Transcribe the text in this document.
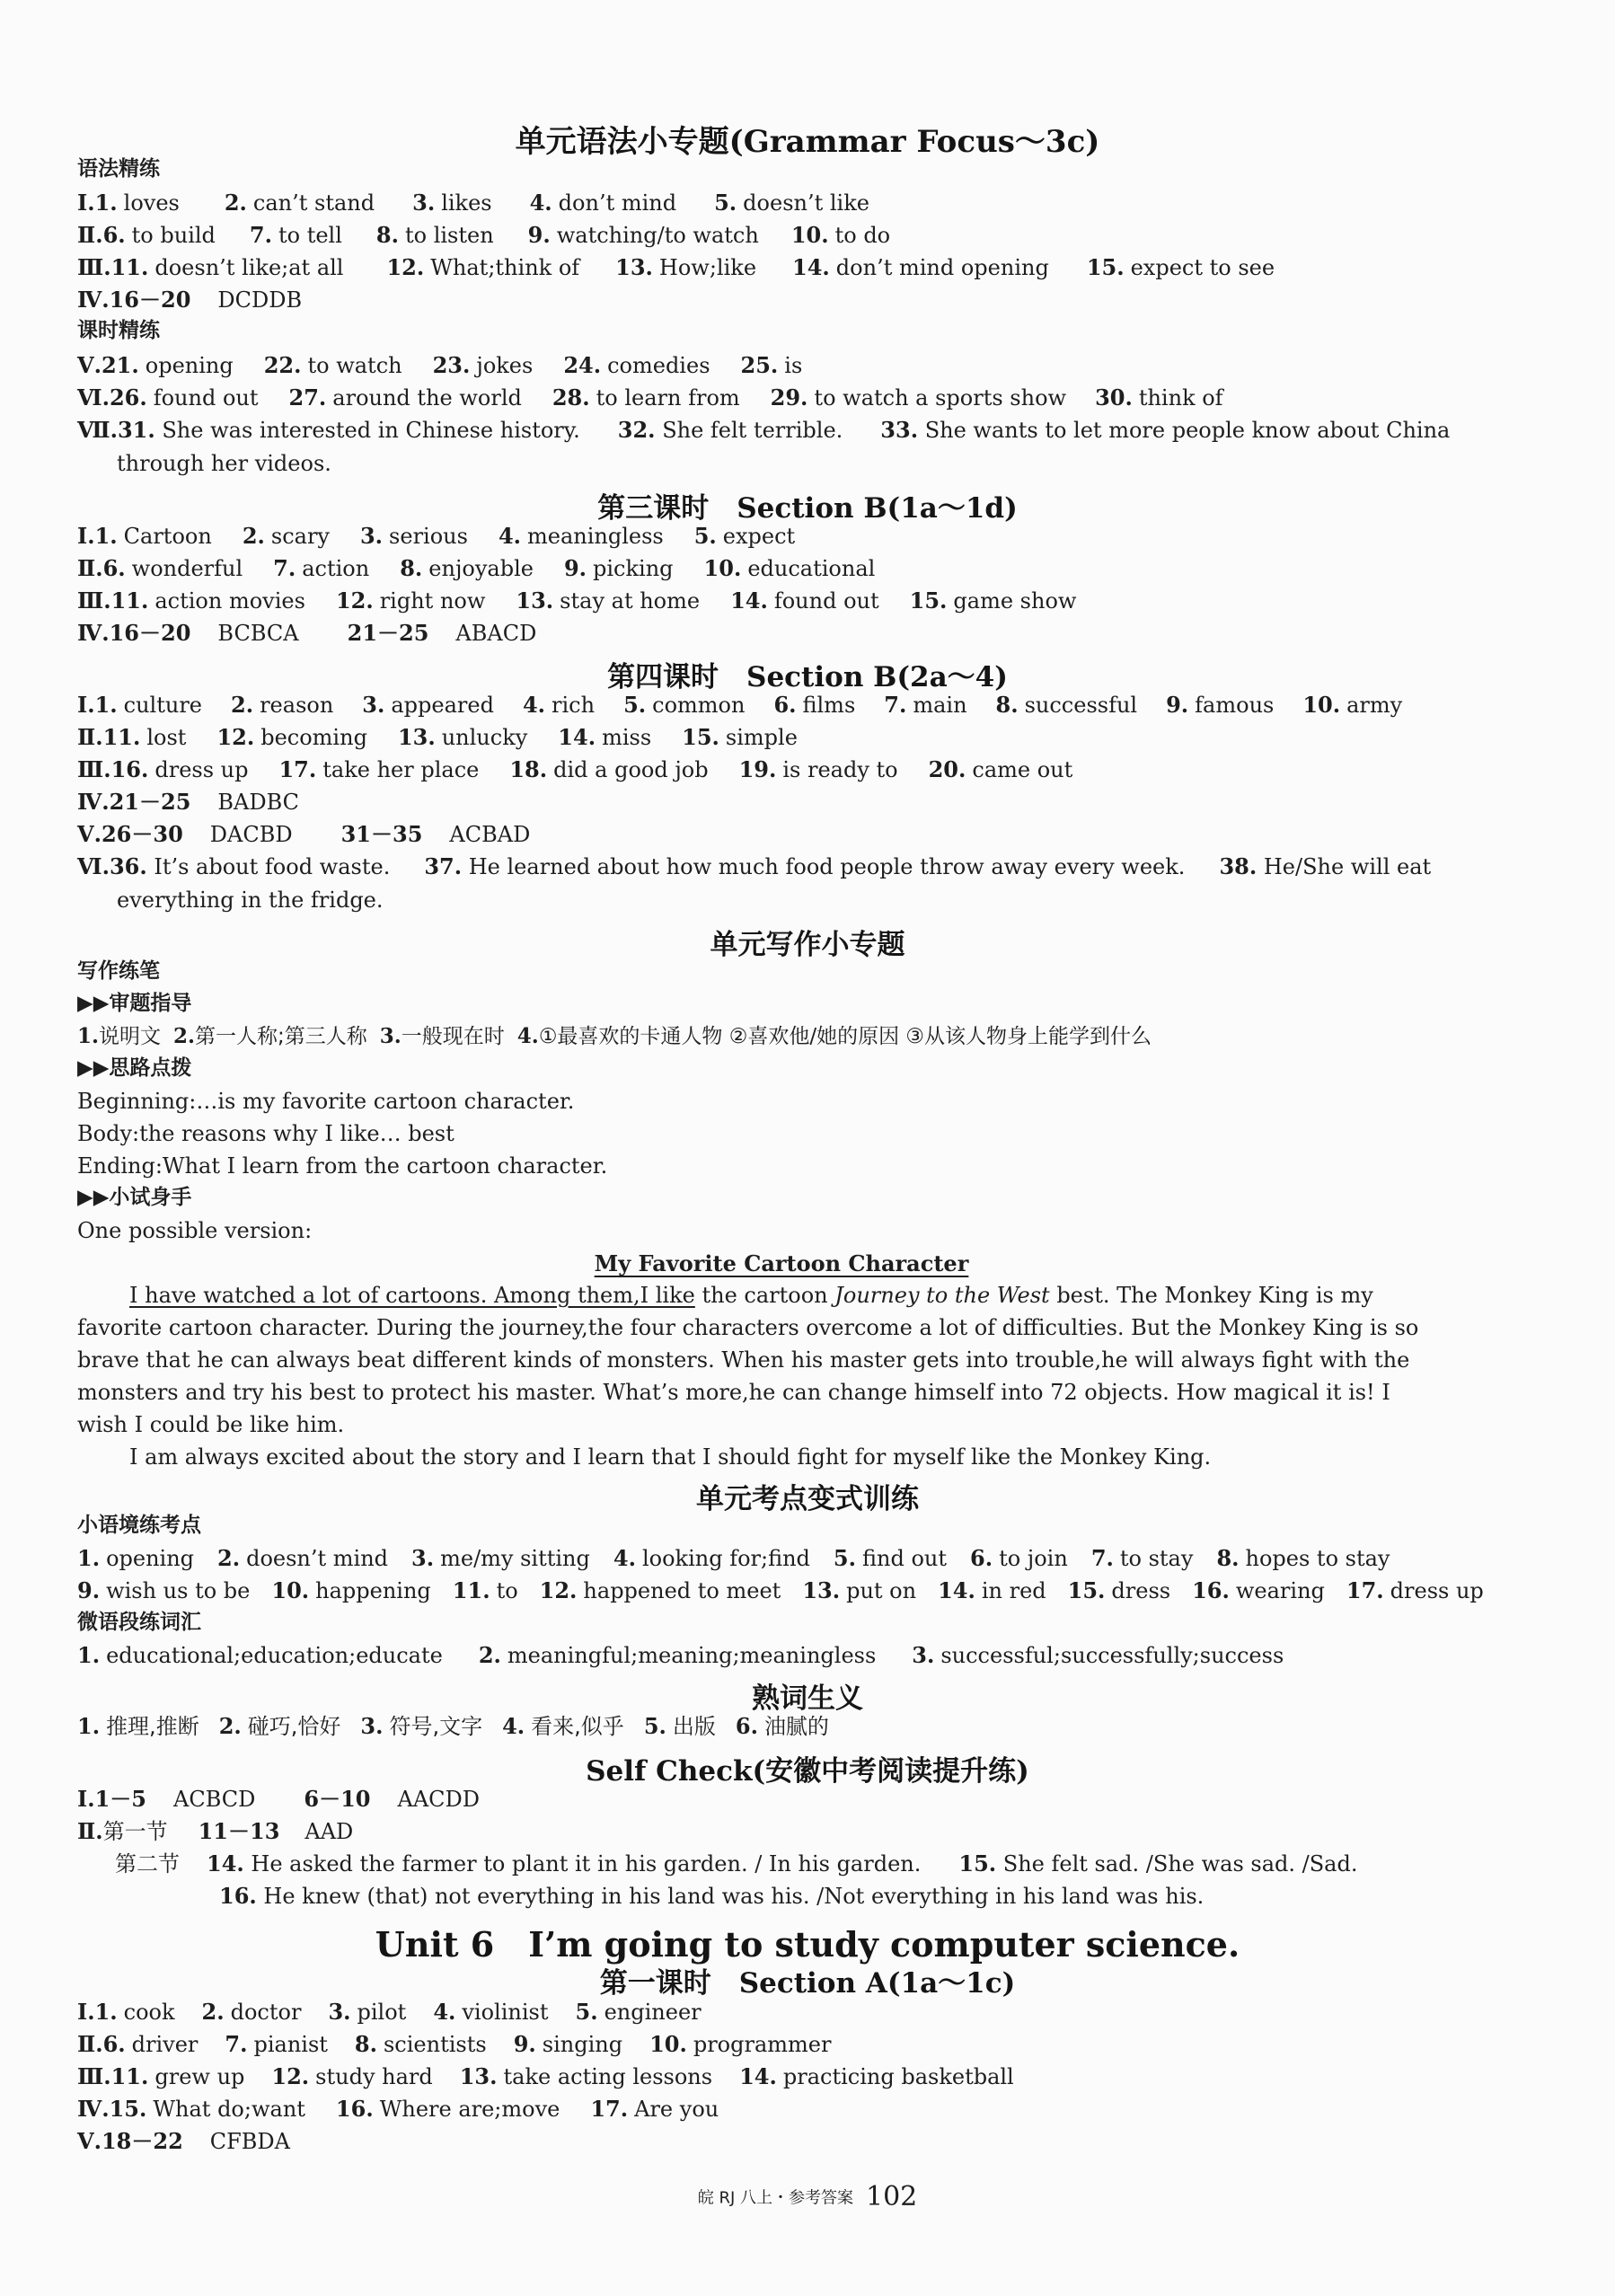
单元语法小专题(Grammar Focus～3c)
语法精练
Ⅰ.1. loves 2. can’t stand 3. likes 4. don’t mind 5. doesn’t like
Ⅱ.6. to build 7. to tell 8. to listen 9. watching/to watch 10. to do
Ⅲ.11. doesn’t like;at all 12. What;think of 13. How;like 14. don’t mind opening 15. expect to see
Ⅳ.16－20 DCDDB
课时精练
Ⅴ.21. opening 22. to watch 23. jokes 24. comedies 25. is
Ⅵ.26. found out 27. around the world 28. to learn from 29. to watch a sports show 30. think of
Ⅶ.31. She was interested in Chinese history. 32. She felt terrible. 33. She wants to let more people know about China
through her videos.
第三课时　Section B(1a～1d)
Ⅰ.1. Cartoon 2. scary 3. serious 4. meaningless 5. expect
Ⅱ.6. wonderful 7. action 8. enjoyable 9. picking 10. educational
Ⅲ.11. action movies 12. right now 13. stay at home 14. found out 15. game show
Ⅳ.16－20 BCBCA 21－25 ABACD
第四课时　Section B(2a～4)
Ⅰ.1. culture 2. reason 3. appeared 4. rich 5. common 6. films 7. main 8. successful 9. famous 10. army
Ⅱ.11. lost 12. becoming 13. unlucky 14. miss 15. simple
Ⅲ.16. dress up 17. take her place 18. did a good job 19. is ready to 20. came out
Ⅳ.21－25 BADBC
Ⅴ.26－30 DACBD 31－35 ACBAD
Ⅵ.36. It’s about food waste. 37. He learned about how much food people throw away every week. 38. He/She will eat
everything in the fridge.
单元写作小专题
写作练笔
▶▶审题指导
1.说明文 2.第一人称;第三人称 3.一般现在时 4.①最喜欢的卡通人物 ②喜欢他/她的原因 ③从该人物身上能学到什么
▶▶思路点拨
Beginning:…is my favorite cartoon character.
Body:the reasons why I like… best
Ending:What I learn from the cartoon character.
▶▶小试身手
One possible version:
My Favorite Cartoon Character
I have watched a lot of cartoons. Among them,I like the cartoon Journey to the West best. The Monkey King is my
favorite cartoon character. During the journey,the four characters overcome a lot of difficulties. But the Monkey King is so
brave that he can always beat different kinds of monsters. When his master gets into trouble,he will always fight with the
monsters and try his best to protect his master. What’s more,he can change himself into 72 objects. How magical it is! I
wish I could be like him.
I am always excited about the story and I learn that I should fight for myself like the Monkey King.
单元考点变式训练
小语境练考点
1. opening 2. doesn’t mind 3. me/my sitting 4. looking for;find 5. find out 6. to join 7. to stay 8. hopes to stay
9. wish us to be 10. happening 11. to 12. happened to meet 13. put on 14. in red 15. dress 16. wearing 17. dress up
微语段练词汇
1. educational;education;educate 2. meaningful;meaning;meaningless 3. successful;successfully;success
熟词生义
1. 推理,推断 2. 碰巧,恰好 3. 符号,文字 4. 看来,似乎 5. 出版 6. 油腻的
Self Check(安徽中考阅读提升练)
Ⅰ.1－5 ACBCD 6－10 AACDD
Ⅱ.第一节 11－13 AAD
第二节 14. He asked the farmer to plant it in his garden. / In his garden. 15. She felt sad. /She was sad. /Sad.
16. He knew (that) not everything in his land was his. /Not everything in his land was his.
Unit 6　I’m going to study computer science.
第一课时　Section A(1a～1c)
Ⅰ.1. cook 2. doctor 3. pilot 4. violinist 5. engineer
Ⅱ.6. driver 7. pianist 8. scientists 9. singing 10. programmer
Ⅲ.11. grew up 12. study hard 13. take acting lessons 14. practicing basketball
Ⅳ.15. What do;want 16. Where are;move 17. Are you
Ⅴ.18－22 CFBDA
皖 RJ 八上・参考答案 102
